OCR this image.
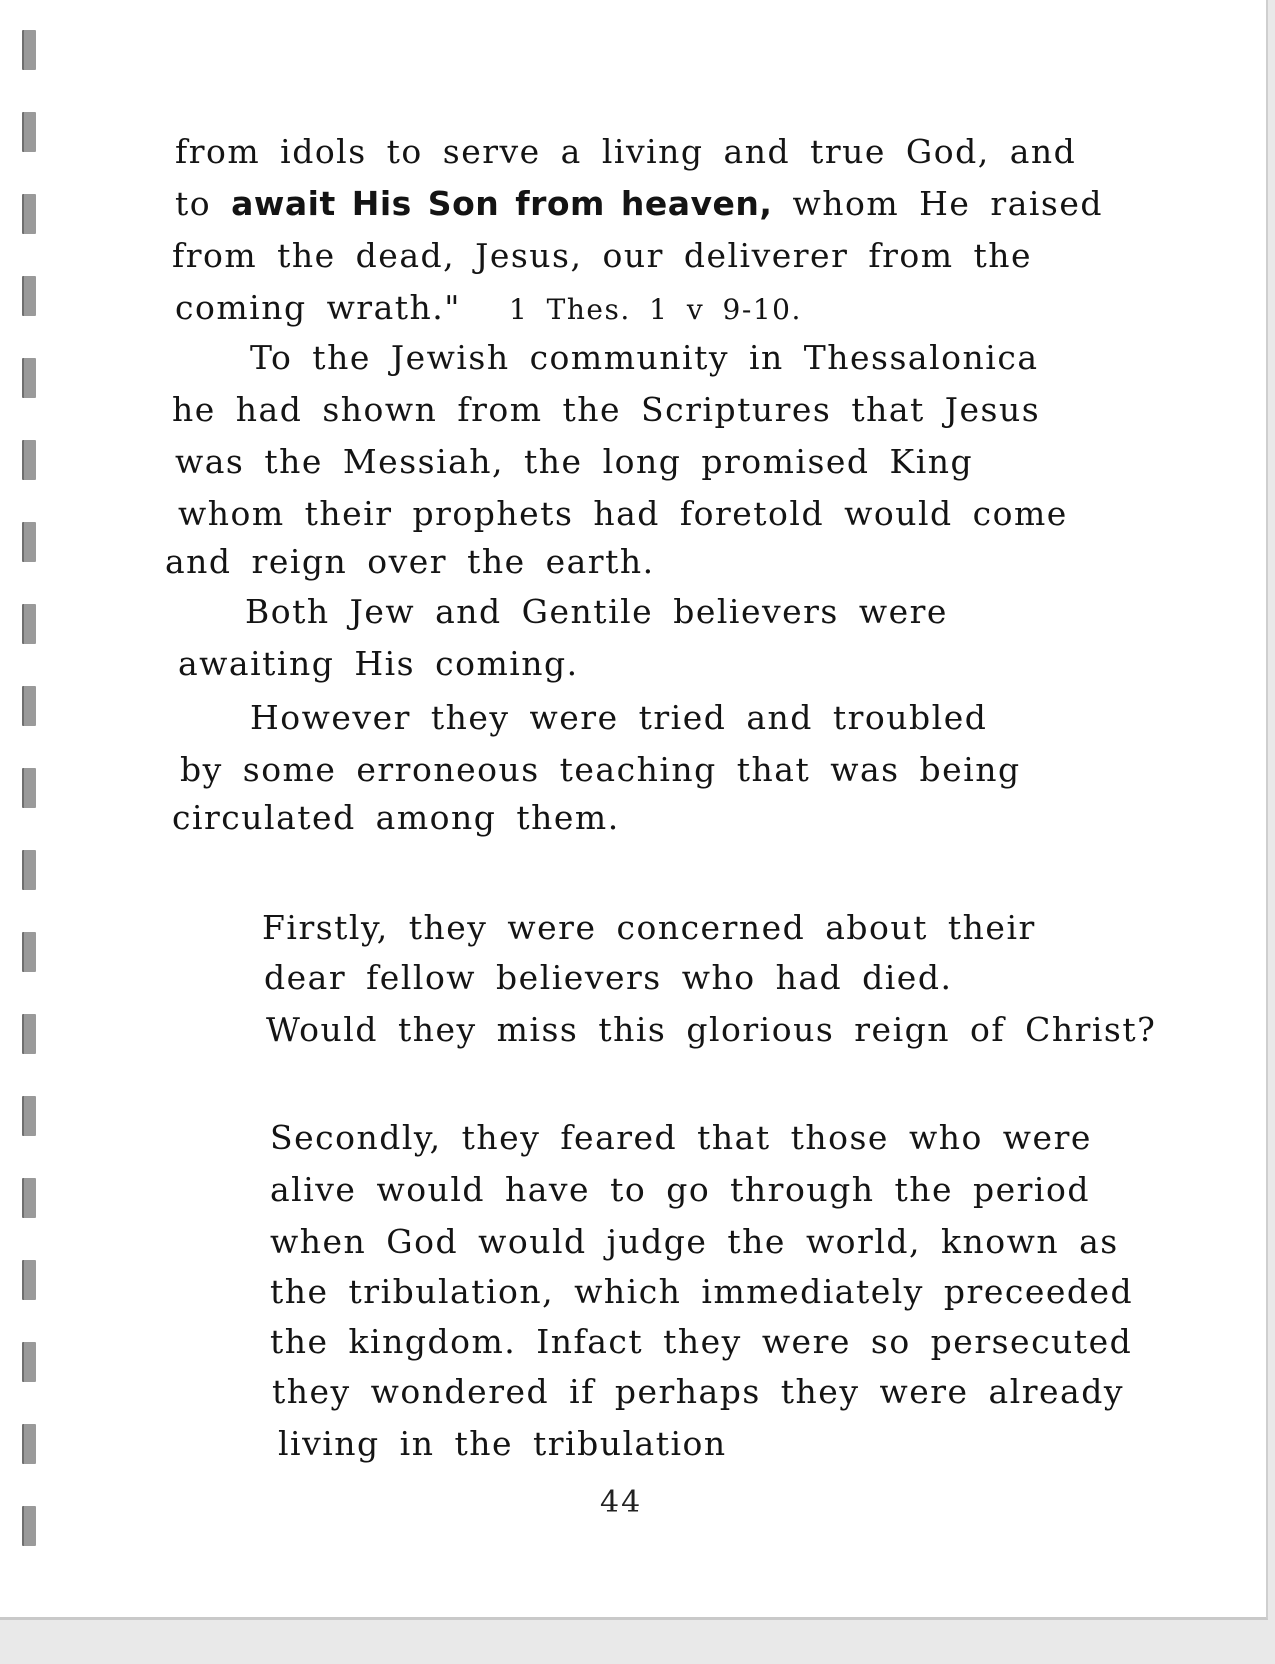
from idols to serve a living and true God, and
to await His Son from heaven, whom He raised
from the dead, Jesus, our deliverer from the
coming wrath." 1 Thes. 1 v 9-10.
To the Jewish community in Thessalonica
he had shown from the Scriptures that Jesus
was the Messiah, the long promised King
whom their prophets had foretold would come
and reign over the earth.
Both Jew and Gentile believers were
awaiting His coming.
However they were tried and troubled
by some erroneous teaching that was being
circulated among them.
Firstly, they were concerned about their
dear fellow believers who had died.
Would they miss this glorious reign of Christ?
Secondly, they feared that those who were
alive would have to go through the period
when God would judge the world, known as
the tribulation, which immediately preceeded
the kingdom. Infact they were so persecuted
they wondered if perhaps they were already
living in the tribulation
44
